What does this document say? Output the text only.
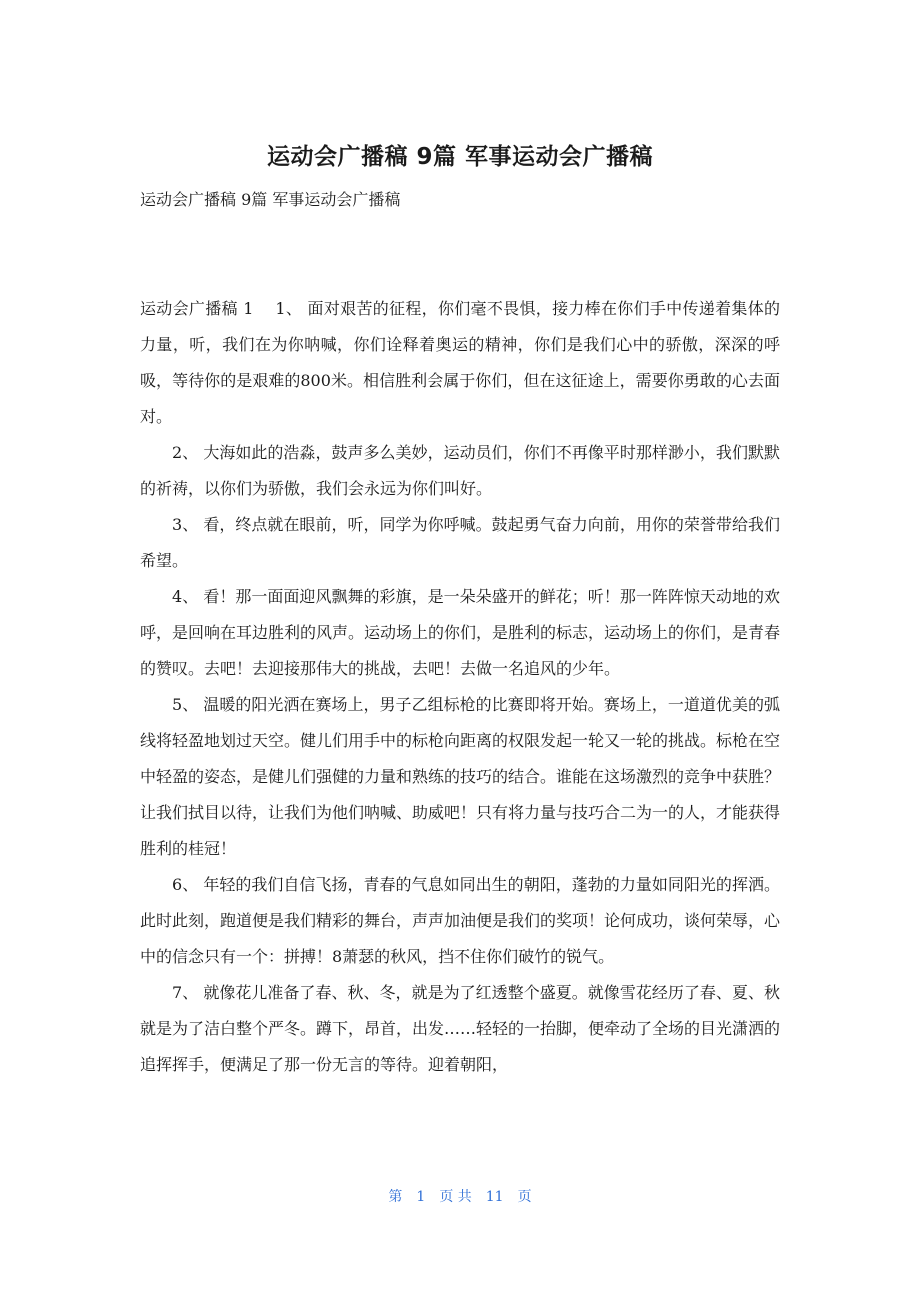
运动会广播稿 9篇 军事运动会广播稿

运动会广播稿 9篇 军事运动会广播稿

运动会广播稿 1　 1、 面对艰苦的征程，你们毫不畏惧，接力棒在你们手中传递着集体的力量，听，我们在为你呐喊，你们诠释着奥运的精神，你们是我们心中的骄傲，深深的呼吸，等待你的是艰难的800米。相信胜利会属于你们，但在这征途上，需要你勇敢的心去面对。

2、 大海如此的浩淼，鼓声多么美妙，运动员们，你们不再像平时那样渺小，我们默默的祈祷，以你们为骄傲，我们会永远为你们叫好。

3、 看，终点就在眼前，听，同学为你呼喊。鼓起勇气奋力向前，用你的荣誉带给我们希望。

4、 看！那一面面迎风飘舞的彩旗，是一朵朵盛开的鲜花；听！那一阵阵惊天动地的欢呼，是回响在耳边胜利的风声。运动场上的你们，是胜利的标志，运动场上的你们，是青春的赞叹。去吧！去迎接那伟大的挑战，去吧！去做一名追风的少年。

5、 温暖的阳光洒在赛场上，男子乙组标枪的比赛即将开始。赛场上，一道道优美的弧线将轻盈地划过天空。健儿们用手中的标枪向距离的权限发起一轮又一轮的挑战。标枪在空中轻盈的姿态，是健儿们强健的力量和熟练的技巧的结合。谁能在这场激烈的竞争中获胜？让我们拭目以待，让我们为他们呐喊、助威吧！只有将力量与技巧合二为一的人，才能获得胜利的桂冠！

6、 年轻的我们自信飞扬，青春的气息如同出生的朝阳，蓬勃的力量如同阳光的挥洒。此时此刻，跑道便是我们精彩的舞台，声声加油便是我们的奖项！论何成功，谈何荣辱，心中的信念只有一个：拼搏！8萧瑟的秋风，挡不住你们破竹的锐气。

7、 就像花儿准备了春、秋、冬，就是为了红透整个盛夏。就像雪花经历了春、夏、秋就是为了洁白整个严冬。蹲下，昂首，出发……轻轻的一抬脚，便牵动了全场的目光潇洒的追挥挥手，便满足了那一份无言的等待。迎着朝阳，

第　1　页 共　11　页
